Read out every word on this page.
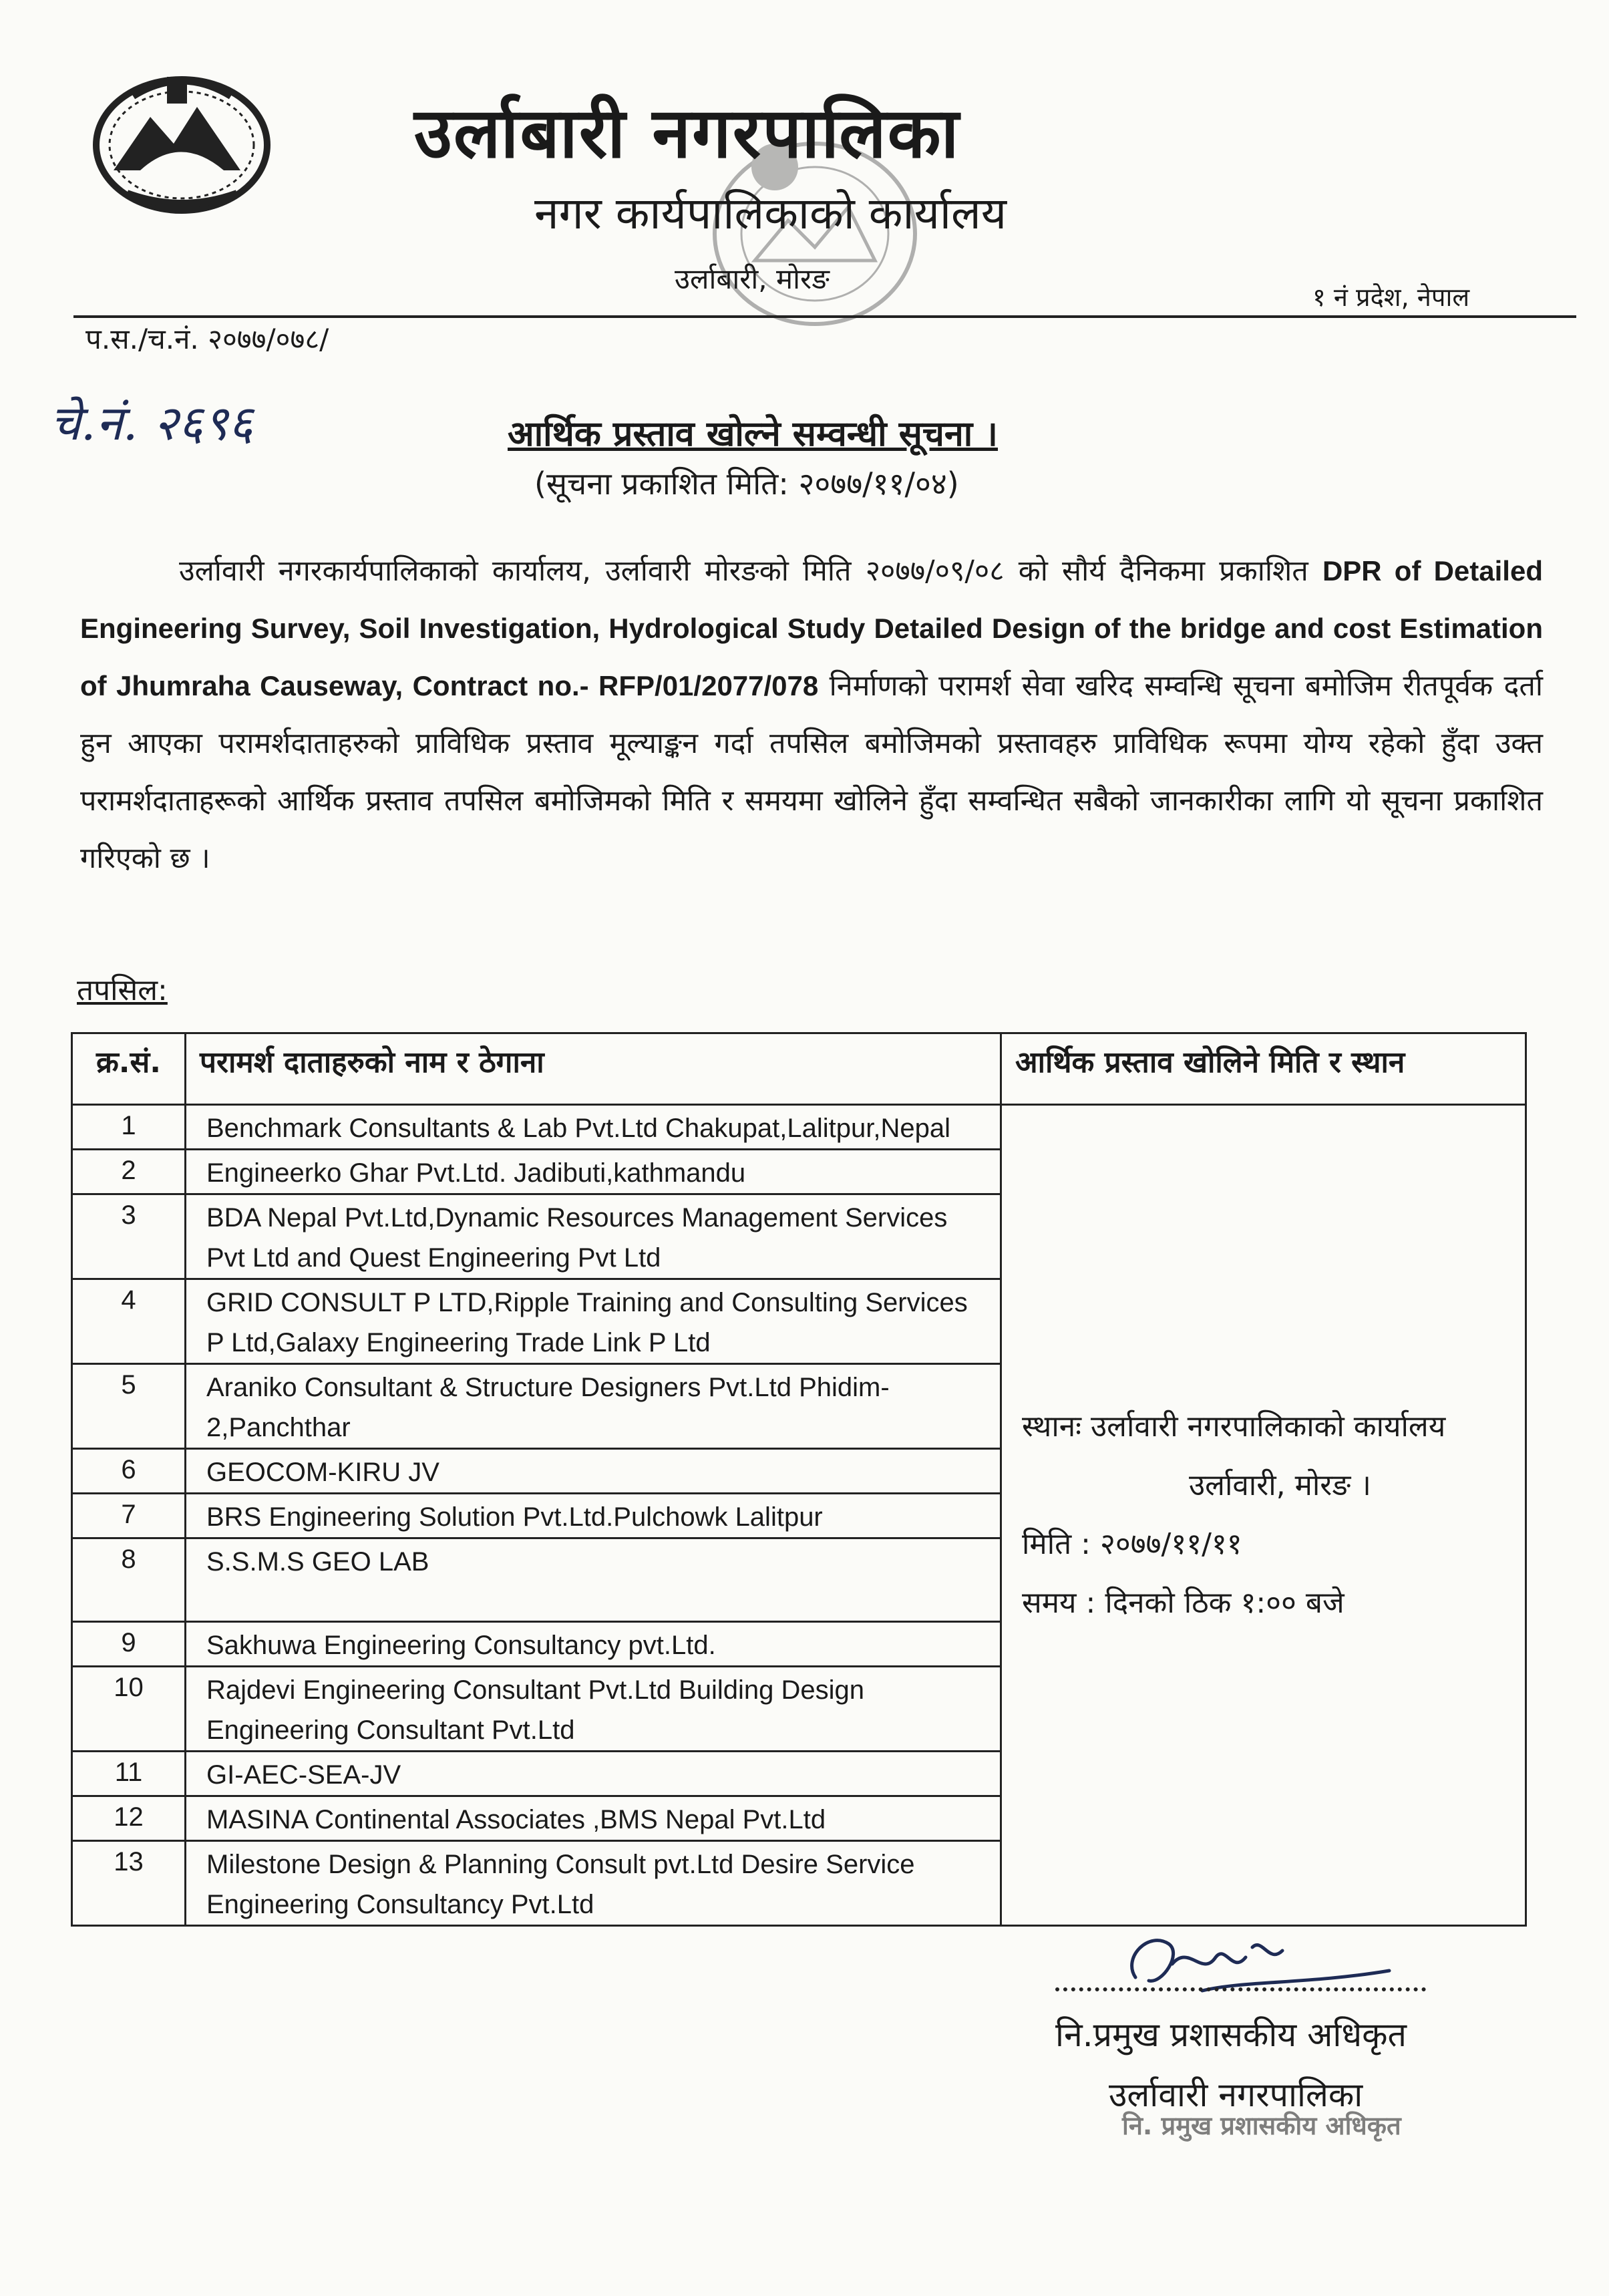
उर्लाबारी नगरपालिका
नगर कार्यपालिकाको कार्यालय
उर्लाबारी, मोरङ
१ नं प्रदेश, नेपाल
प.स./च.नं. २०७७/०७८/
चे.नं. २६९६	आर्थिक प्रस्ताव खोल्ने सम्वन्धी सूचना ।
(सूचना प्रकाशित मिति: २०७७/११/०४)
उर्लावारी नगरकार्यपालिकाको कार्यालय, उर्लावारी मोरङको मिति २०७७/०९/०८ को सौर्य दैनिकमा प्रकाशित DPR of Detailed Engineering Survey, Soil Investigation, Hydrological Study Detailed Design of the bridge and cost Estimation of Jhumraha Causeway, Contract no.- RFP/01/2077/078 निर्माणको परामर्श सेवा खरिद सम्वन्धि सूचना बमोजिम रीतपूर्वक दर्ता हुन आएका परामर्शदाताहरुको प्राविधिक प्रस्ताव मूल्याङ्कन गर्दा तपसिल बमोजिमको प्रस्तावहरु प्राविधिक रूपमा योग्य रहेको हुँदा उक्त परामर्शदाताहरूको आर्थिक प्रस्ताव तपसिल बमोजिमको मिति र समयमा खोलिने हुँदा सम्वन्धित सबैको जानकारीका लागि यो सूचना प्रकाशित गरिएको छ ।
तपसिल:
क्र.सं.	परामर्श दाताहरुको नाम र ठेगाना	आर्थिक प्रस्ताव खोलिने मिति र स्थान
1	Benchmark Consultants & Lab Pvt.Ltd Chakupat,Lalitpur,Nepal	स्थानः उर्लावारी नगरपालिकाको कार्यालय
उर्लावारी, मोरङ ।
मिति : २०७७/११/११
समय : दिनको ठिक १:०० बजे

2	Engineerko Ghar Pvt.Ltd. Jadibuti,kathmandu	
3	BDA Nepal Pvt.Ltd,Dynamic Resources Management Services Pvt Ltd and Quest Engineering Pvt Ltd	
4	GRID CONSULT P LTD,Ripple Training and Consulting Services P Ltd,Galaxy Engineering Trade Link P Ltd	
5	Araniko Consultant & Structure Designers Pvt.Ltd Phidim-2,Panchthar	
6	GEOCOM-KIRU JV	
7	BRS Engineering Solution Pvt.Ltd.Pulchowk Lalitpur	
8	S.S.M.S GEO LAB	
9	Sakhuwa Engineering Consultancy pvt.Ltd.	
10	Rajdevi Engineering Consultant Pvt.Ltd Building Design Engineering Consultant Pvt.Ltd	
11	GI-AEC-SEA-JV	
12	MASINA Continental Associates ,BMS Nepal Pvt.Ltd	
13	Milestone Design & Planning Consult pvt.Ltd Desire Service Engineering Consultancy Pvt.Ltd	
नि.प्रमुख प्रशासकीय अधिकृत
उर्लावारी नगरपालिका
नि. प्रमुख प्रशासकीय अधिकृत
